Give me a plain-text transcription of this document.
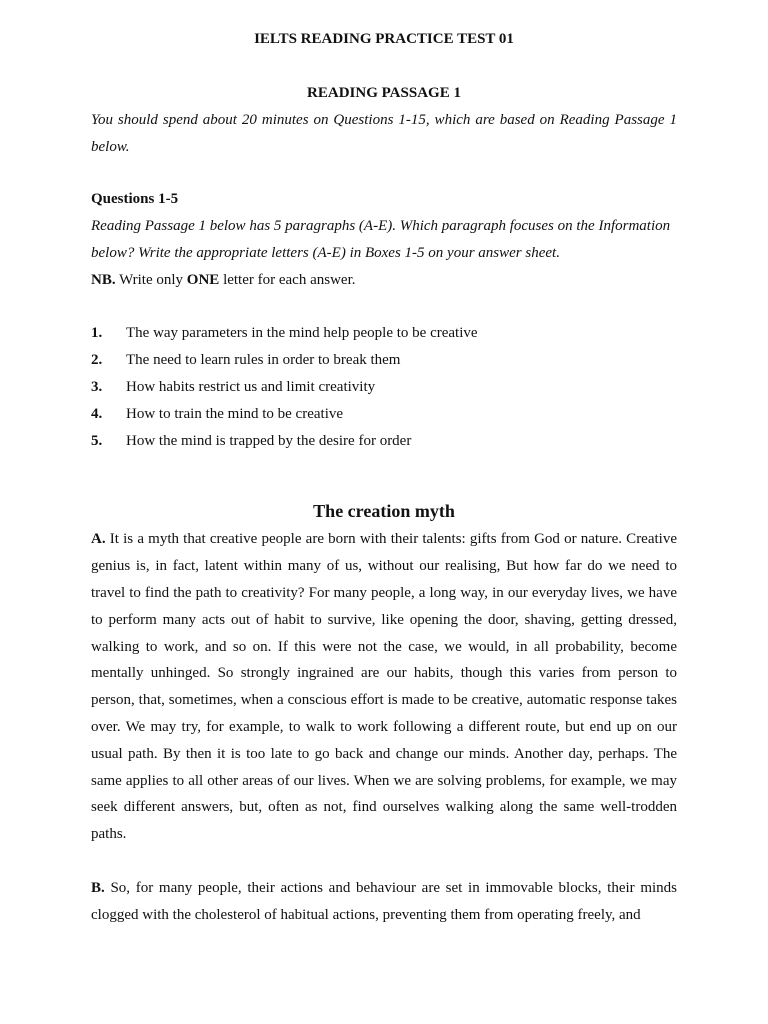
IELTS READING PRACTICE TEST 01

READING PASSAGE 1

You should spend about 20 minutes on Questions 1-15, which are based on Reading Passage 1 below.

Questions 1-5

Reading Passage 1 below has 5 paragraphs (A-E). Which paragraph focuses on the Information below? Write the appropriate letters (A-E) in Boxes 1-5 on your answer sheet.

NB. Write only ONE letter for each answer.

1.	The way parameters in the mind help people to be creative
2.	The need to learn rules in order to break them
3.	How habits restrict us and limit creativity
4.	How to train the mind to be creative
5.	How the mind is trapped by the desire for order
The creation myth

A. It is a myth that creative people are born with their talents: gifts from God or nature. Creative genius is, in fact, latent within many of us, without our realising, But how far do we need to travel to find the path to creativity? For many people, a long way, in our everyday lives, we have to perform many acts out of habit to survive, like opening the door, shaving, getting dressed, walking to work, and so on. If this were not the case, we would, in all probability, become mentally unhinged. So strongly ingrained are our habits, though this varies from person to person, that, sometimes, when a conscious effort is made to be creative, automatic response takes over. We may try, for example, to walk to work following a different route, but end up on our usual path. By then it is too late to go back and change our minds. Another day, perhaps. The same applies to all other areas of our lives. When we are solving problems, for example, we may seek different answers, but, often as not, find ourselves walking along the same well-trodden paths.

B. So, for many people, their actions and behaviour are set in immovable blocks, their minds clogged with the cholesterol of habitual actions, preventing them from operating freely, and
